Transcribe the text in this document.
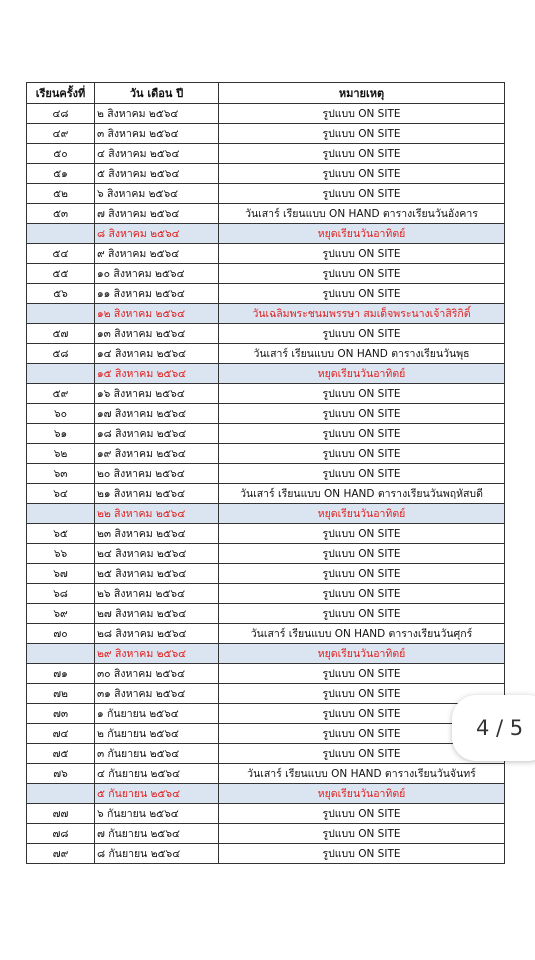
เรียนครั้งที่	วัน เดือน ปี	หมายเหตุ
๔๘	๒ สิงหาคม ๒๕๖๔	รูปแบบ ON SITE
๔๙	๓ สิงหาคม ๒๕๖๔	รูปแบบ ON SITE
๕๐	๔ สิงหาคม ๒๕๖๔	รูปแบบ ON SITE
๕๑	๕ สิงหาคม ๒๕๖๔	รูปแบบ ON SITE
๕๒	๖ สิงหาคม ๒๕๖๔	รูปแบบ ON SITE
๕๓	๗ สิงหาคม ๒๕๖๔	วันเสาร์ เรียนแบบ ON HAND ตารางเรียนวันอังคาร
	๘ สิงหาคม ๒๕๖๔	หยุดเรียนวันอาทิตย์
๕๔	๙ สิงหาคม ๒๕๖๔	รูปแบบ ON SITE
๕๕	๑๐ สิงหาคม ๒๕๖๔	รูปแบบ ON SITE
๕๖	๑๑ สิงหาคม ๒๕๖๔	รูปแบบ ON SITE
	๑๒ สิงหาคม ๒๕๖๔	วันเฉลิมพระชนมพรรษา สมเด็จพระนางเจ้าสิริกิติ์
๕๗	๑๓ สิงหาคม ๒๕๖๔	รูปแบบ ON SITE
๕๘	๑๔ สิงหาคม ๒๕๖๔	วันเสาร์ เรียนแบบ ON HAND ตารางเรียนวันพุธ
	๑๕ สิงหาคม ๒๕๖๔	หยุดเรียนวันอาทิตย์
๕๙	๑๖ สิงหาคม ๒๕๖๔	รูปแบบ ON SITE
๖๐	๑๗ สิงหาคม ๒๕๖๔	รูปแบบ ON SITE
๖๑	๑๘ สิงหาคม ๒๕๖๔	รูปแบบ ON SITE
๖๒	๑๙ สิงหาคม ๒๕๖๔	รูปแบบ ON SITE
๖๓	๒๐ สิงหาคม ๒๕๖๔	รูปแบบ ON SITE
๖๔	๒๑ สิงหาคม ๒๕๖๔	วันเสาร์ เรียนแบบ ON HAND ตารางเรียนวันพฤหัสบดี
	๒๒ สิงหาคม ๒๕๖๔	หยุดเรียนวันอาทิตย์
๖๕	๒๓ สิงหาคม ๒๕๖๔	รูปแบบ ON SITE
๖๖	๒๔ สิงหาคม ๒๕๖๔	รูปแบบ ON SITE
๖๗	๒๕ สิงหาคม ๒๕๖๔	รูปแบบ ON SITE
๖๘	๒๖ สิงหาคม ๒๕๖๔	รูปแบบ ON SITE
๖๙	๒๗ สิงหาคม ๒๕๖๔	รูปแบบ ON SITE
๗๐	๒๘ สิงหาคม ๒๕๖๔	วันเสาร์ เรียนแบบ ON HAND ตารางเรียนวันศุกร์
	๒๙ สิงหาคม ๒๕๖๔	หยุดเรียนวันอาทิตย์
๗๑	๓๐ สิงหาคม ๒๕๖๔	รูปแบบ ON SITE
๗๒	๓๑ สิงหาคม ๒๕๖๔	รูปแบบ ON SITE
๗๓	๑ กันยายน ๒๕๖๔	รูปแบบ ON SITE
๗๔	๒ กันยายน ๒๕๖๔	รูปแบบ ON SITE
๗๕	๓ กันยายน ๒๕๖๔	รูปแบบ ON SITE
๗๖	๔ กันยายน ๒๕๖๔	วันเสาร์ เรียนแบบ ON HAND ตารางเรียนวันจันทร์
	๕ กันยายน ๒๕๖๔	หยุดเรียนวันอาทิตย์
๗๗	๖ กันยายน ๒๕๖๔	รูปแบบ ON SITE
๗๘	๗ กันยายน ๒๕๖๔	รูปแบบ ON SITE
๗๙	๘ กันยายน ๒๕๖๔	รูปแบบ ON SITE
4 / 5
